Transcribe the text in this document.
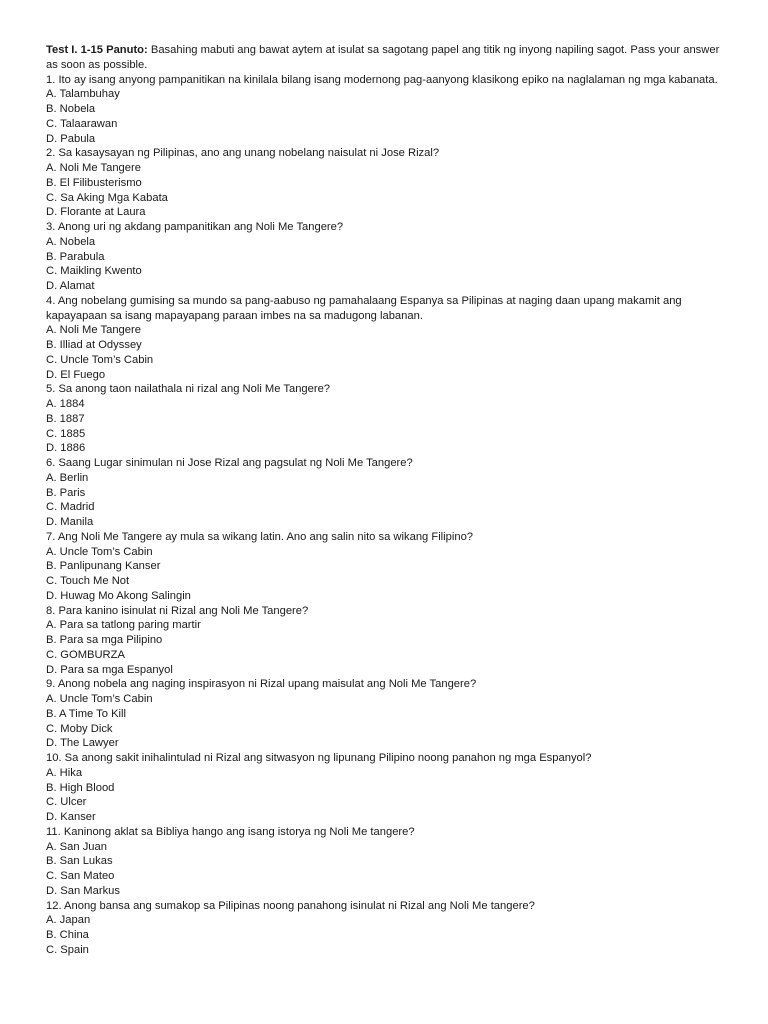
Test I. 1-15 Panuto: Basahing mabuti ang bawat aytem at isulat sa sagotang papel ang titik ng inyong napiling sagot. Pass your answer as soon as possible.

1. Ito ay isang anyong pampanitikan na kinilala bilang isang modernong pag-aanyong klasikong epiko na naglalaman ng mga kabanata.

A. Talambuhay

B. Nobela

C. Talaarawan

D. Pabula

2. Sa kasaysayan ng Pilipinas, ano ang unang nobelang naisulat ni Jose Rizal?

A. Noli Me Tangere

B. El Filibusterismo

C. Sa Aking Mga Kabata

D. Florante at Laura

3. Anong uri ng akdang pampanitikan ang Noli Me Tangere?

A. Nobela

B. Parabula

C. Maikling Kwento

D. Alamat

4. Ang nobelang gumising sa mundo sa pang-aabuso ng pamahalaang Espanya sa Pilipinas at naging daan upang makamit ang kapayapaan sa isang mapayapang paraan imbes na sa madugong labanan.

A. Noli Me Tangere

B. Illiad at Odyssey

C. Uncle Tom’s Cabin

D. El Fuego

5. Sa anong taon nailathala ni rizal ang Noli Me Tangere?

A. 1884

B. 1887

C. 1885

D. 1886

6. Saang Lugar sinimulan ni Jose Rizal ang pagsulat ng Noli Me Tangere?

A. Berlin

B. Paris

C. Madrid

D. Manila

7. Ang Noli Me Tangere ay mula sa wikang latin. Ano ang salin nito sa wikang Filipino?

A. Uncle Tom’s Cabin

B. Panlipunang Kanser

C. Touch Me Not

D. Huwag Mo Akong Salingin

8. Para kanino isinulat ni Rizal ang Noli Me Tangere?

A. Para sa tatlong paring martir

B. Para sa mga Pilipino

C. GOMBURZA

D. Para sa mga Espanyol

9. Anong nobela ang naging inspirasyon ni Rizal upang maisulat ang Noli Me Tangere?

A. Uncle Tom’s Cabin

B. A Time To Kill

C. Moby Dick

D. The Lawyer

10. Sa anong sakit inihalintulad ni Rizal ang sitwasyon ng lipunang Pilipino noong panahon ng mga Espanyol?

A. Hika

B. High Blood

C. Ulcer

D. Kanser

11. Kaninong aklat sa Bibliya hango ang isang istorya ng Noli Me tangere?

A. San Juan

B. San Lukas

C. San Mateo

D. San Markus

12. Anong bansa ang sumakop sa Pilipinas noong panahong isinulat ni Rizal ang Noli Me tangere?

A. Japan

B. China

C. Spain
